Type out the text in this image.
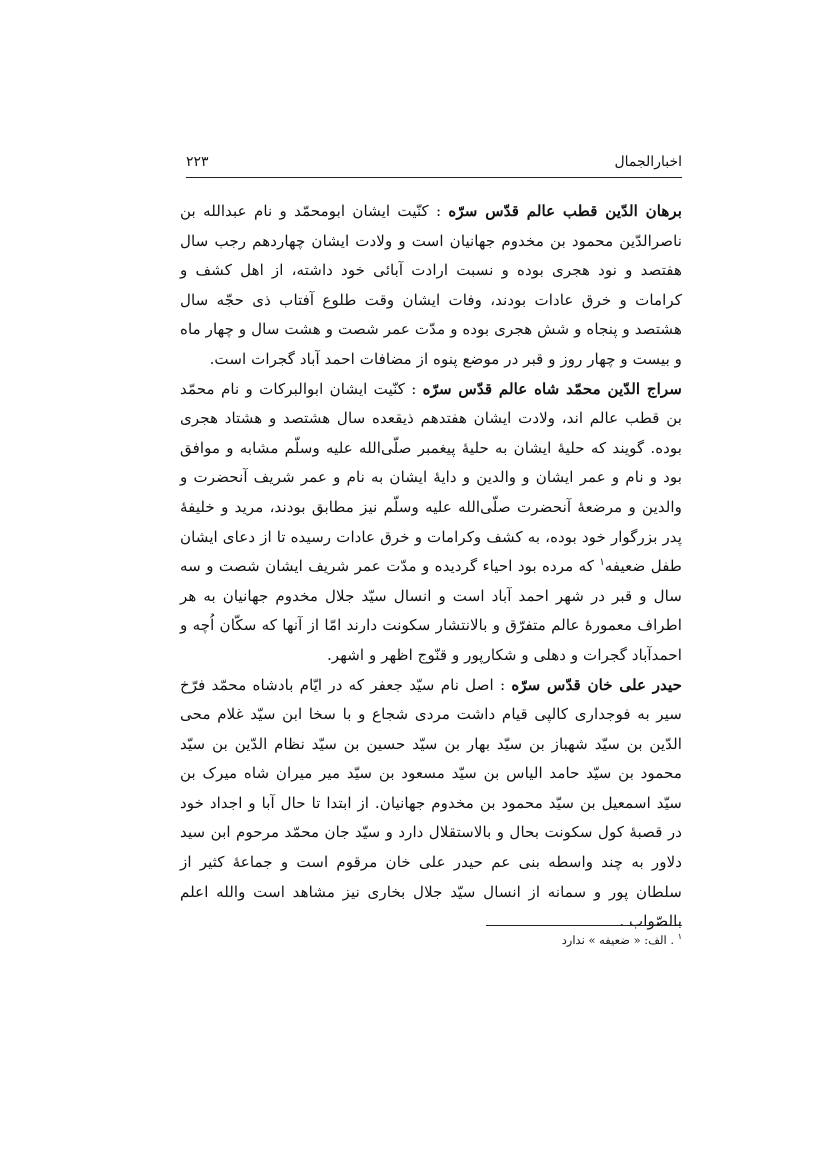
اخبارالجمال
۲۲۳

برهان الدّین قطب عالم قدّس سرّه : کنّیت ایشان ابومحمّد و نام عبدالله بن ناصرالدّین محمود بن مخدوم جهانیان است و ولادت ایشان چهاردهم رجب سال هفتصد و نود هجری بوده و نسبت ارادت آبائی خود داشته، از اهل کشف و کرامات و خرق عادات بودند، وفات ایشان وقت طلوع آفتاب ذی حجّه سال هشتصد و پنجاه و شش هجری بوده و مدّت عمر شصت و هشت سال و چهار ماه و بیست و چهار روز و قبر در موضع پنوه از مضافات احمد آباد گجرات است.

سراج الدّین محمّد شاه عالم قدّس سرّه : کنّیت ایشان ابوالبرکات و نام محمّد بن قطب عالم اند، ولادت ایشان هفتدهم ذیقعده سال هشتصد و هشتاد هجری بوده. گویند که حلیهٔ ایشان به حلیهٔ پیغمبر صلّی‌الله علیه وسلّم مشابه و موافق بود و نام و عمر ایشان و والدین و دایهٔ ایشان به نام و عمر شریف آنحضرت و والدین و مرضعهٔ آنحضرت صلّی‌الله علیه وسلّم نیز مطابق بودند، مرید و خلیفهٔ پدر بزرگوار خود بوده، به کشف وکرامات و خرق عادات رسیده تا از دعای ایشان طفل ضعیفه$^۱$ که مرده بود احیاء گردیده و مدّت عمر شریف ایشان شصت و سه سال و قبر در شهر احمد آباد است و انسال سیّد جلال مخدوم جهانیان به هر اطراف معمورهٔ عالم متفرّق و بالانتشار سکونت دارند امّا از آنها که سکّان اُچه و احمدآباد گجرات و دهلی و شکارپور و قنّوج اظهر و اشهر.

حیدر علی خان قدّس سرّه : اصل نام سیّد جعفر که در ایّام بادشاه محمّد فرّخ سیر به فوجداری کالپی قیام داشت مردی شجاع و با سخا ابن سیّد غلام محی الدّین بن سیّد شهباز بن سیّد بهار بن سیّد حسین بن سیّد نظام الدّین بن سیّد محمود بن سیّد حامد الیاس بن سیّد مسعود بن سیّد میر میران شاه میرک بن سیّد اسمعیل بن سیّد محمود بن مخدوم جهانیان. از ابتدا تا حال آبا و اجداد خود در قصبهٔ کول سکونت بحال و بالاستقلال دارد و سیّد جان محمّد مرحوم ابن سید دلاور به چند واسطه بنی عم حیدر علی خان مرقوم است و جماعهٔ کثیر از سلطان پور و سمانه از انسال سیّد جلال بخاری نیز مشاهد است والله اعلم بالصّواب .

$^۱$ . الف: « ضعیفه » ندارد
